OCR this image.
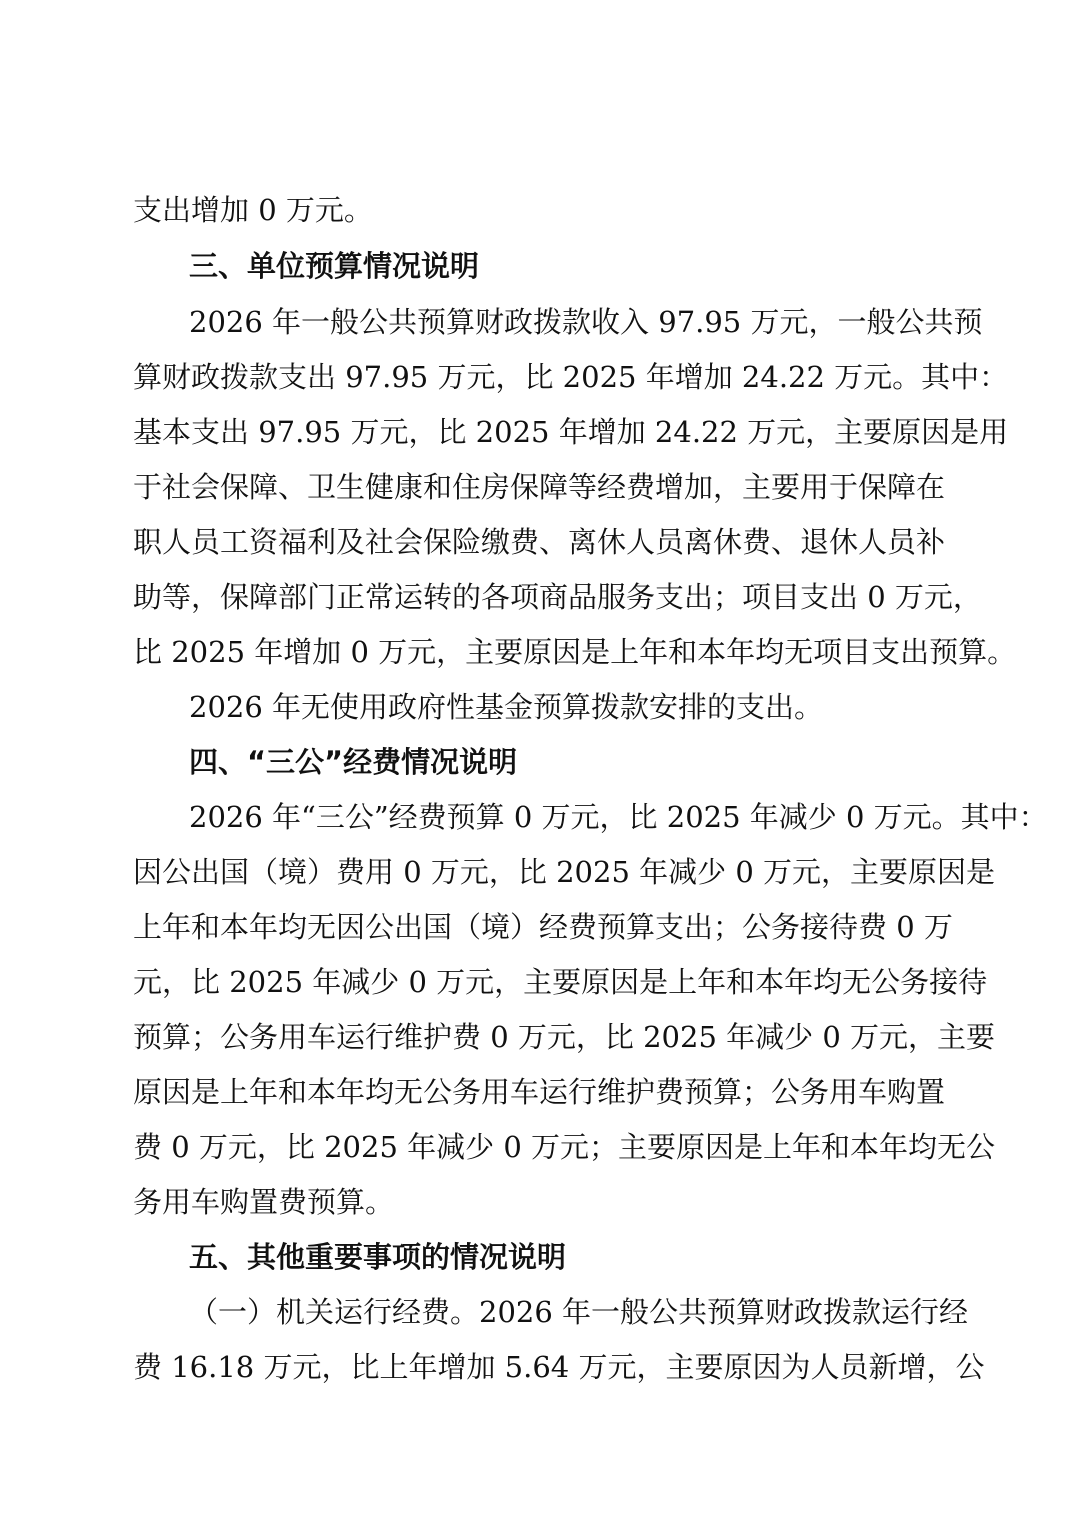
支出增加 0 万元。
三、单位预算情况说明
2026 年一般公共预算财政拨款收入 97.95 万元，一般公共预
算财政拨款支出 97.95 万元，比 2025 年增加 24.22 万元。其中：
基本支出 97.95 万元，比 2025 年增加 24.22 万元，主要原因是用
于社会保障、卫生健康和住房保障等经费增加，主要用于保障在
职人员工资福利及社会保险缴费、离休人员离休费、退休人员补
助等，保障部门正常运转的各项商品服务支出；项目支出 0 万元，
比 2025 年增加 0 万元，主要原因是上年和本年均无项目支出预算。
2026 年无使用政府性基金预算拨款安排的支出。
四、“三公”经费情况说明
2026 年“三公”经费预算 0 万元，比 2025 年减少 0 万元。其中：
因公出国（境）费用 0 万元，比 2025 年减少 0 万元，主要原因是
上年和本年均无因公出国（境）经费预算支出；公务接待费 0 万
元，比 2025 年减少 0 万元，主要原因是上年和本年均无公务接待
预算；公务用车运行维护费 0 万元，比 2025 年减少 0 万元，主要
原因是上年和本年均无公务用车运行维护费预算；公务用车购置
费 0 万元，比 2025 年减少 0 万元；主要原因是上年和本年均无公
务用车购置费预算。
五、其他重要事项的情况说明
（一）机关运行经费。2026 年一般公共预算财政拨款运行经
费 16.18 万元，比上年增加 5.64 万元，主要原因为人员新增，公
